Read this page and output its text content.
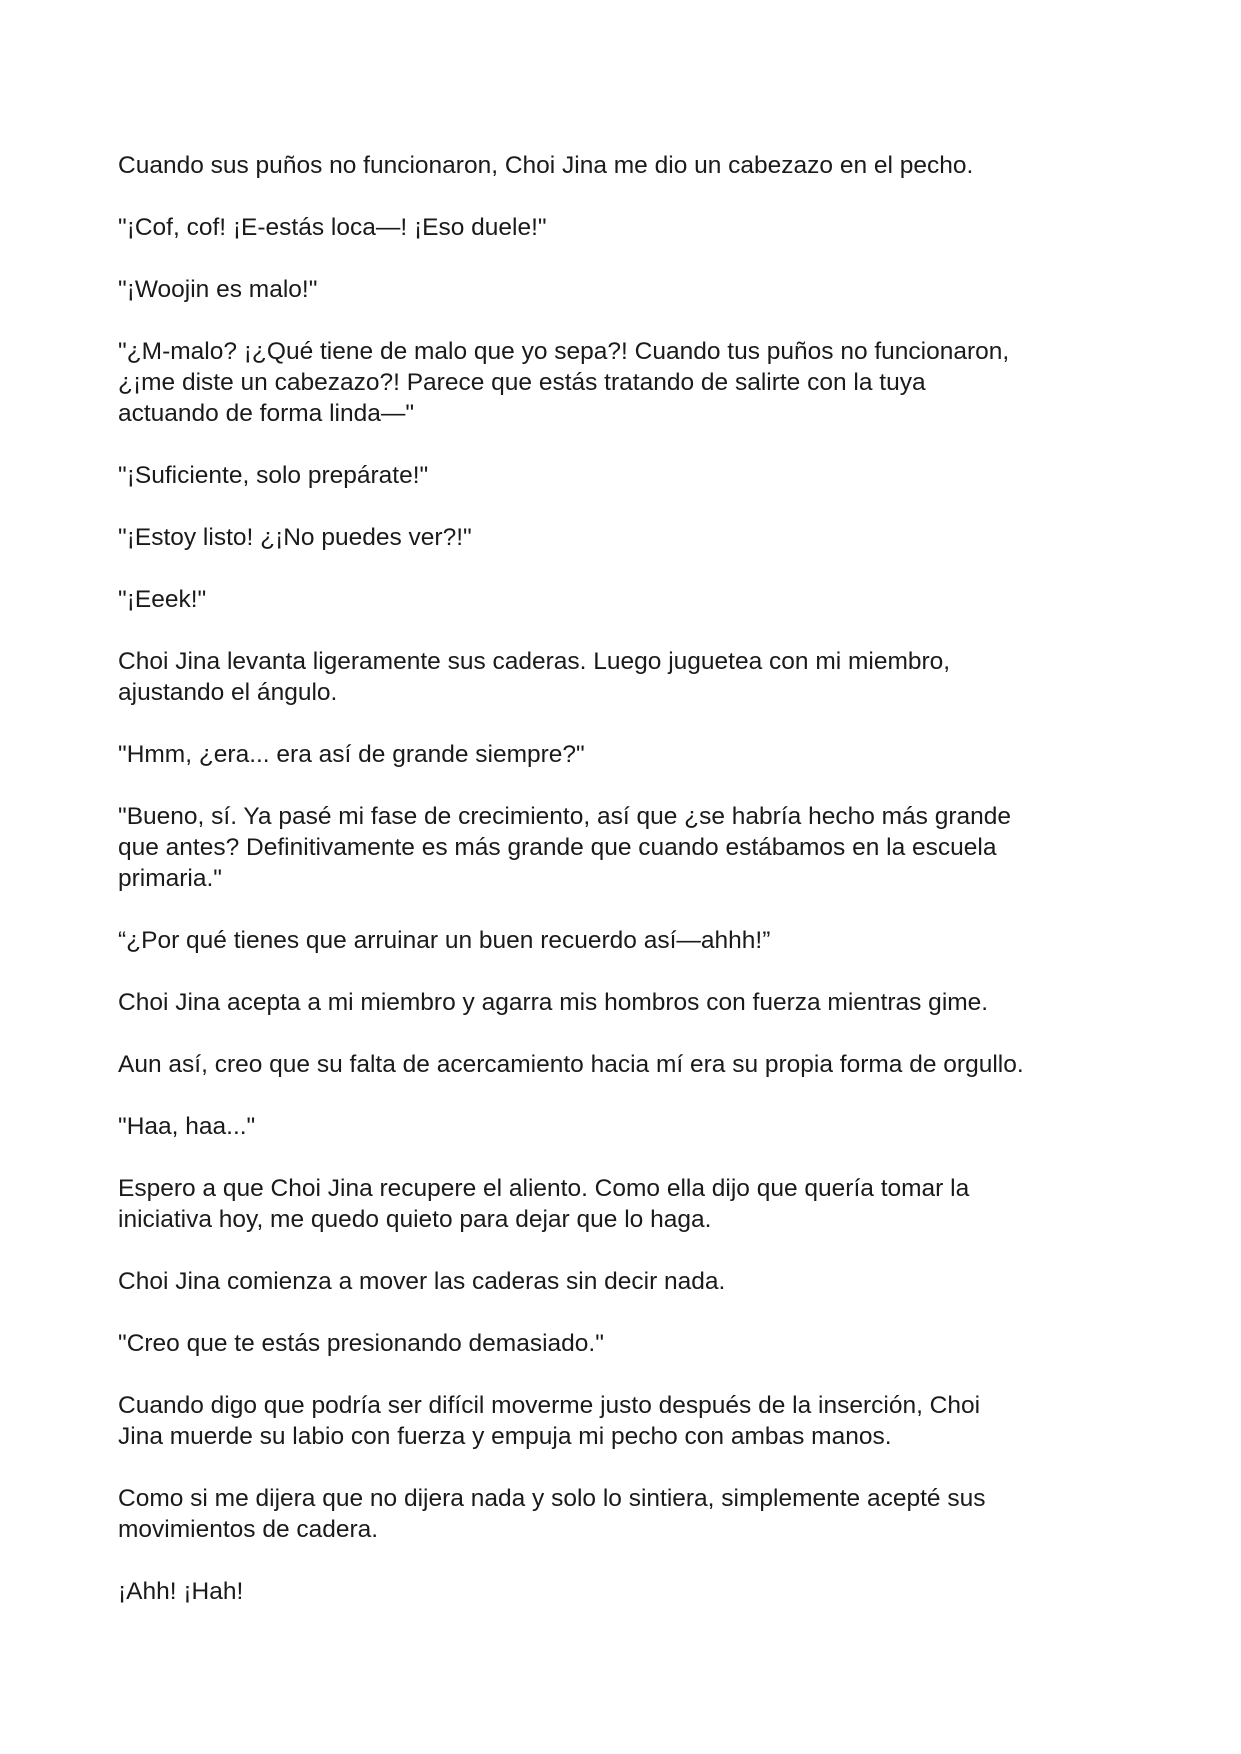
Cuando sus puños no funcionaron, Choi Jina me dio un cabezazo en el pecho.

"¡Cof, cof! ¡E-estás loca—! ¡Eso duele!"

"¡Woojin es malo!"

"¿M-malo? ¡¿Qué tiene de malo que yo sepa?! Cuando tus puños no funcionaron,
¿¡me diste un cabezazo?! Parece que estás tratando de salirte con la tuya
actuando de forma linda—"

"¡Suficiente, solo prepárate!"

"¡Estoy listo! ¿¡No puedes ver?!"

"¡Eeek!"

Choi Jina levanta ligeramente sus caderas. Luego juguetea con mi miembro,
ajustando el ángulo.

"Hmm, ¿era... era así de grande siempre?"

"Bueno, sí. Ya pasé mi fase de crecimiento, así que ¿se habría hecho más grande
que antes? Definitivamente es más grande que cuando estábamos en la escuela
primaria."

“¿Por qué tienes que arruinar un buen recuerdo así—ahhh!”

Choi Jina acepta a mi miembro y agarra mis hombros con fuerza mientras gime.

Aun así, creo que su falta de acercamiento hacia mí era su propia forma de orgullo.

"Haa, haa..."

Espero a que Choi Jina recupere el aliento. Como ella dijo que quería tomar la
iniciativa hoy, me quedo quieto para dejar que lo haga.

Choi Jina comienza a mover las caderas sin decir nada.

"Creo que te estás presionando demasiado."

Cuando digo que podría ser difícil moverme justo después de la inserción, Choi
Jina muerde su labio con fuerza y empuja mi pecho con ambas manos.

Como si me dijera que no dijera nada y solo lo sintiera, simplemente acepté sus
movimientos de cadera.

¡Ahh! ¡Hah!
